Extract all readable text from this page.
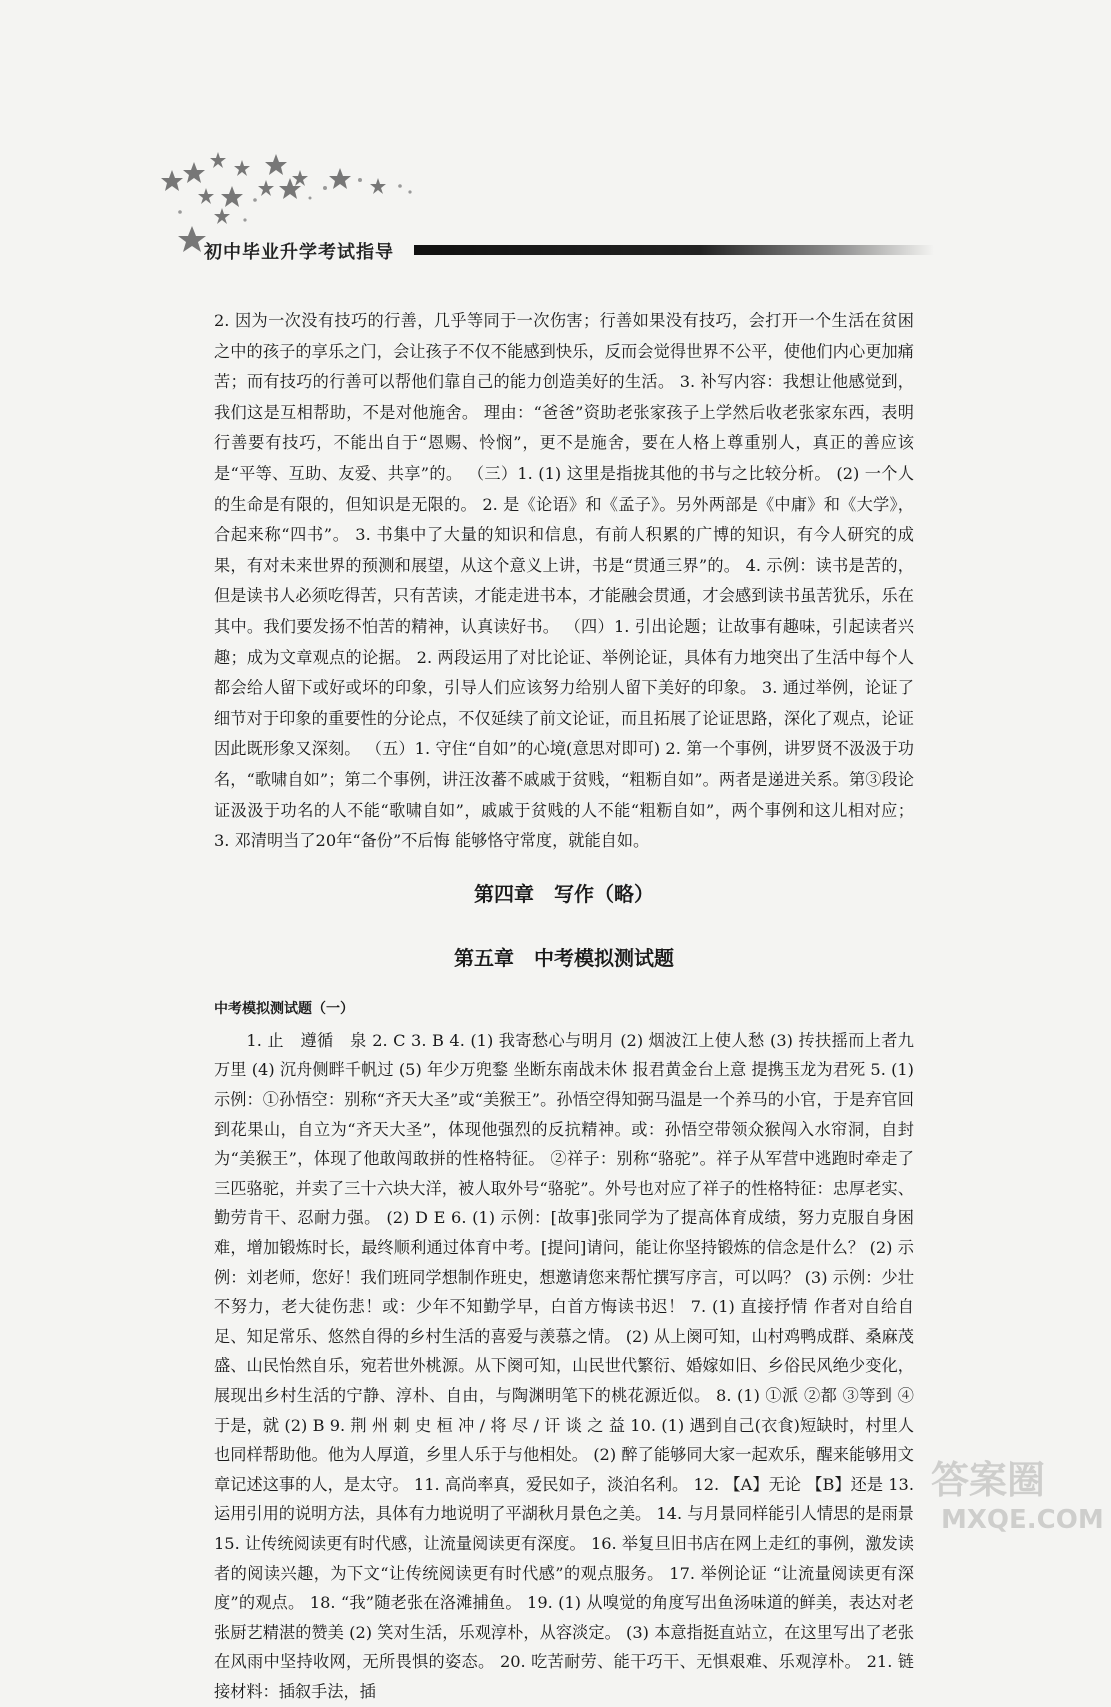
初中毕业升学考试指导

2. 因为一次没有技巧的行善，几乎等同于一次伤害；行善如果没有技巧，会打开一个生活在贫困之中的孩子的享乐之门，会让孩子不仅不能感到快乐，反而会觉得世界不公平，使他们内心更加痛苦；而有技巧的行善可以帮他们靠自己的能力创造美好的生活。 3. 补写内容：我想让他感觉到，我们这是互相帮助，不是对他施舍。 理由：“爸爸”资助老张家孩子上学然后收老张家东西，表明行善要有技巧，不能出自于“恩赐、怜悯”，更不是施舍，要在人格上尊重别人，真正的善应该是“平等、互助、友爱、共享”的。 （三）1. (1) 这里是指拢其他的书与之比较分析。 (2) 一个人的生命是有限的，但知识是无限的。 2. 是《论语》和《孟子》。另外两部是《中庸》和《大学》，合起来称“四书”。 3. 书集中了大量的知识和信息，有前人积累的广博的知识，有今人研究的成果，有对未来世界的预测和展望，从这个意义上讲，书是“贯通三界”的。 4. 示例：读书是苦的，但是读书人必须吃得苦，只有苦读，才能走进书本，才能融会贯通，才会感到读书虽苦犹乐，乐在其中。我们要发扬不怕苦的精神，认真读好书。 （四）1. 引出论题；让故事有趣味，引起读者兴趣；成为文章观点的论据。 2. 两段运用了对比论证、举例论证，具体有力地突出了生活中每个人都会给人留下或好或坏的印象，引导人们应该努力给别人留下美好的印象。 3. 通过举例，论证了细节对于印象的重要性的分论点，不仅延续了前文论证，而且拓展了论证思路，深化了观点，论证因此既形象又深刻。 （五）1. 守住“自如”的心境(意思对即可) 2. 第一个事例，讲罗贤不汲汲于功名，“歌啸自如”；第二个事例，讲汪汝蕃不戚戚于贫贱，“粗粝自如”。两者是递进关系。第③段论证汲汲于功名的人不能“歌啸自如”，戚戚于贫贱的人不能“粗粝自如”，两个事例和这儿相对应； 3. 邓清明当了20年“备份”不后悔 能够恪守常度，就能自如。

第四章　写作（略）
第五章　中考模拟测试题
中考模拟测试题（一）

1. 止　遵循　泉 2. C 3. B 4. (1) 我寄愁心与明月 (2) 烟波江上使人愁 (3) 抟扶摇而上者九万里 (4) 沉舟侧畔千帆过 (5) 年少万兜鍪 坐断东南战未休 报君黄金台上意 提携玉龙为君死 5. (1) 示例：①孙悟空：别称“齐天大圣”或“美猴王”。孙悟空得知弼马温是一个养马的小官，于是弃官回到花果山，自立为“齐天大圣”，体现他强烈的反抗精神。或：孙悟空带领众猴闯入水帘洞，自封为“美猴王”，体现了他敢闯敢拼的性格特征。 ②祥子：别称“骆驼”。祥子从军营中逃跑时牵走了三匹骆驼，并卖了三十六块大洋，被人取外号“骆驼”。外号也对应了祥子的性格特征：忠厚老实、勤劳肯干、忍耐力强。 (2) D E 6. (1) 示例：[故事]张同学为了提高体育成绩，努力克服自身困难，增加锻炼时长，最终顺利通过体育中考。[提问]请问，能让你坚持锻炼的信念是什么？ (2) 示例：刘老师，您好！我们班同学想制作班史，想邀请您来帮忙撰写序言，可以吗？ (3) 示例：少壮不努力，老大徒伤悲！或：少年不知勤学早，白首方悔读书迟！ 7. (1) 直接抒情 作者对自给自足、知足常乐、悠然自得的乡村生活的喜爱与羡慕之情。 (2) 从上阕可知，山村鸡鸭成群、桑麻茂盛、山民怡然自乐，宛若世外桃源。从下阕可知，山民世代繁衍、婚嫁如旧、乡俗民风绝少变化，展现出乡村生活的宁静、淳朴、自由，与陶渊明笔下的桃花源近似。 8. (1) ①派 ②都 ③等到 ④于是，就 (2) B 9. 荆 州 刺 史 桓 冲 / 将 尽 / 讦 谈 之 益 10. (1) 遇到自己(衣食)短缺时，村里人也同样帮助他。他为人厚道，乡里人乐于与他相处。 (2) 醉了能够同大家一起欢乐，醒来能够用文章记述这事的人，是太守。 11. 高尚率真，爱民如子，淡泊名利。 12. 【A】无论 【B】还是 13. 运用引用的说明方法，具体有力地说明了平湖秋月景色之美。 14. 与月景同样能引人情思的是雨景 15. 让传统阅读更有时代感，让流量阅读更有深度。 16. 举复旦旧书店在网上走红的事例，激发读者的阅读兴趣，为下文“让传统阅读更有时代感”的观点服务。 17. 举例论证 “让流量阅读更有深度”的观点。 18. “我”随老张在洛滩捕鱼。 19. (1) 从嗅觉的角度写出鱼汤味道的鲜美，表达对老张厨艺精湛的赞美 (2) 笑对生活，乐观淳朴，从容淡定。 (3) 本意指挺直站立，在这里写出了老张在风雨中坚持收网，无所畏惧的姿态。 20. 吃苦耐劳、能干巧干、无惧艰难、乐观淳朴。 21. 链接材料：插叙手法，插

答案圈
MXQE.COM
